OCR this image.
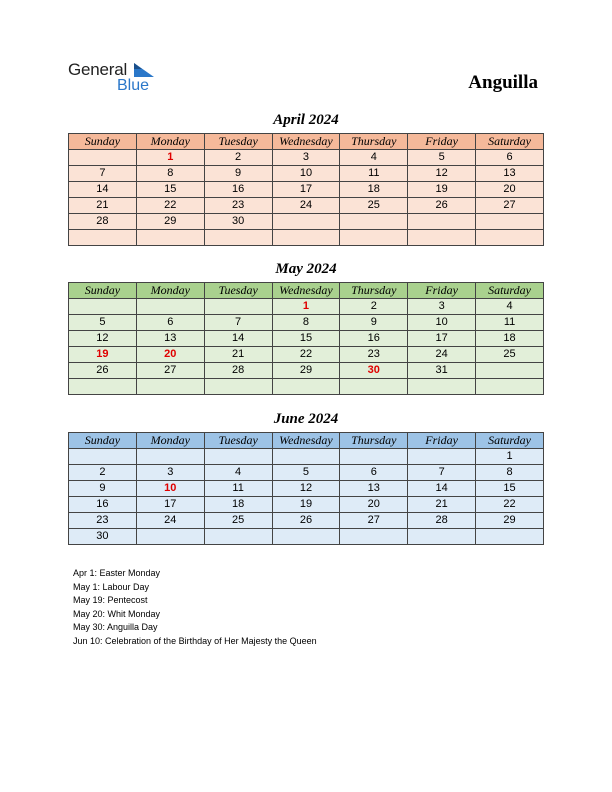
General
Blue	Anguilla
April 2024
Sunday	Monday	Tuesday	Wednesday	Thursday	Friday	Saturday
	1	2	3	4	5	6
7	8	9	10	11	12	13
14	15	16	17	18	19	20
21	22	23	24	25	26	27
28	29	30				

May 2024
Sunday	Monday	Tuesday	Wednesday	Thursday	Friday	Saturday
			1	2	3	4
5	6	7	8	9	10	11
12	13	14	15	16	17	18
19	20	21	22	23	24	25
26	27	28	29	30	31	

June 2024
Sunday	Monday	Tuesday	Wednesday	Thursday	Friday	Saturday
						1
2	3	4	5	6	7	8
9	10	11	12	13	14	15
16	17	18	19	20	21	22
23	24	25	26	27	28	29
30						
Apr 1: Easter Monday
May 1: Labour Day
May 19: Pentecost
May 20: Whit Monday
May 30: Anguilla Day
Jun 10: Celebration of the Birthday of Her Majesty the Queen
